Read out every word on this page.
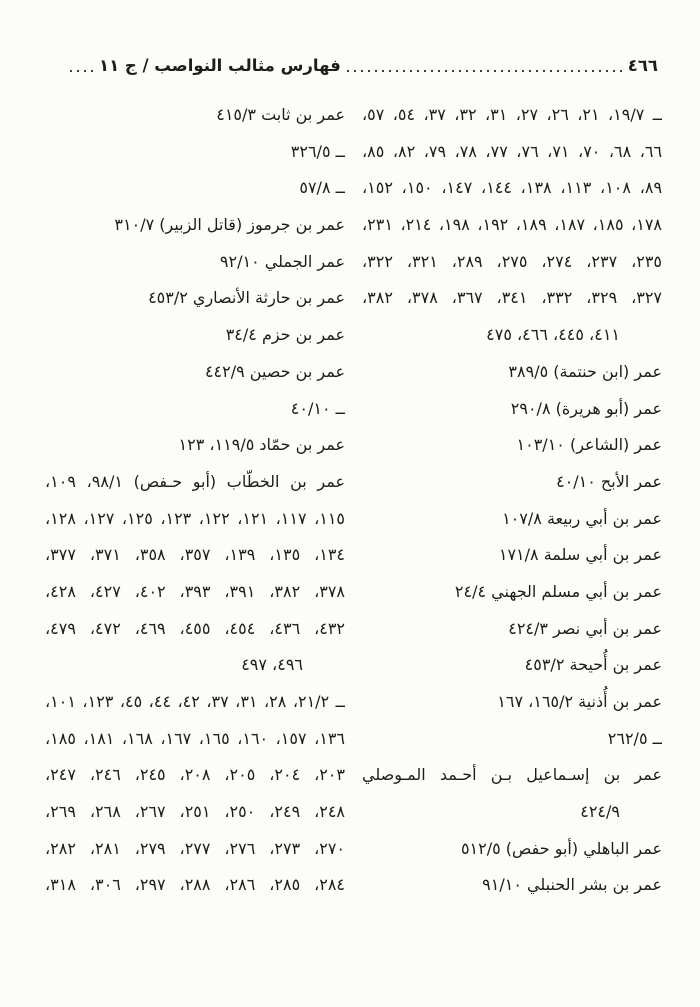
٤٦٦
فهارس مثالب النواصب / ج ١١
ــ ١٩/٧، ٢١، ٢٦، ٢٧، ٣١، ٣٢، ٣٧، ٥٤، ٥٧،
٦٦، ٦٨، ٧٠، ٧١، ٧٦، ٧٧، ٧٨، ٧٩، ٨٢، ٨٥،
٨٩، ١٠٨، ١١٣، ١٣٨، ١٤٤، ١٤٧، ١٥٠، ١٥٢،
١٧٨، ١٨٥، ١٨٧، ١٨٩، ١٩٢، ١٩٨، ٢١٤، ٢٣١،
٢٣٥، ٢٣٧، ٢٧٤، ٢٧٥، ٢٨٩، ٣٢١، ٣٢٢،
٣٢٧، ٣٢٩، ٣٣٢، ٣٤١، ٣٦٧، ٣٧٨، ٣٨٢،
٤١١، ٤٤٥، ٤٦٦، ٤٧٥
عمر (ابن حنتمة) ٣٨٩/٥
عمر (أبو هريرة) ٢٩٠/٨
عمر (الشاعر) ١٠٣/١٠
عمر الأبح ٤٠/١٠
عمر بن أبي ربيعة ١٠٧/٨
عمر بن أبي سلمة ١٧١/٨
عمر بن أبي مسلم الجهني ٢٤/٤
عمر بن أبي نصر ٤٢٤/٣
عمر بن أُحيحة ٤٥٣/٢
عمر بن أُذنية ١٦٥/٢، ١٦٧
ــ ٢٦٢/٥
عمر بن إسـماعيل بـن أحـمد المـوصلي
٤٢٤/٩
عمر الباهلي (أبو حفص) ٥١٢/٥
عمر بن بشر الحنبلي ٩١/١٠
عمر بن ثابت ٤١٥/٣
ــ ٣٢٦/٥
ــ ٥٧/٨
عمر بن جرموز (قاتل الزبير) ٣١٠/٧
عمر الجملي ٩٢/١٠
عمر بن حارثة الأنصاري ٤٥٣/٢
عمر بن حزم ٣٤/٤
عمر بن حصين ٤٤٢/٩
ــ ٤٠/١٠
عمر بن حمّاد ١١٩/٥، ١٢٣
عمر بن الخطّاب (أبو حـفص) ٩٨/١، ١٠٩،
١١٥، ١١٧، ١٢١، ١٢٢، ١٢٣، ١٢٥، ١٢٧، ١٢٨،
١٣٤، ١٣٥، ١٣٩، ٣٥٧، ٣٥٨، ٣٧١، ٣٧٧،
٣٧٨، ٣٨٢، ٣٩١، ٣٩٣، ٤٠٢، ٤٢٧، ٤٢٨،
٤٣٢، ٤٣٦، ٤٥٤، ٤٥٥، ٤٦٩، ٤٧٢، ٤٧٩،
٤٩٦، ٤٩٧
ــ ٢١/٢، ٢٨، ٣١، ٣٧، ٤٢، ٤٤، ٤٥، ١٢٣، ١٠١،
١٣٦، ١٥٧، ١٦٠، ١٦٥، ١٦٧، ١٦٨، ١٨١، ١٨٥،
٢٠٣، ٢٠٤، ٢٠٥، ٢٠٨، ٢٤٥، ٢٤٦، ٢٤٧،
٢٤٨، ٢٤٩، ٢٥٠، ٢٥١، ٢٦٧، ٢٦٨، ٢٦٩،
٢٧٠، ٢٧٣، ٢٧٦، ٢٧٧، ٢٧٩، ٢٨١، ٢٨٢،
٢٨٤، ٢٨٥، ٢٨٦، ٢٨٨، ٢٩٧، ٣٠٦، ٣١٨،
